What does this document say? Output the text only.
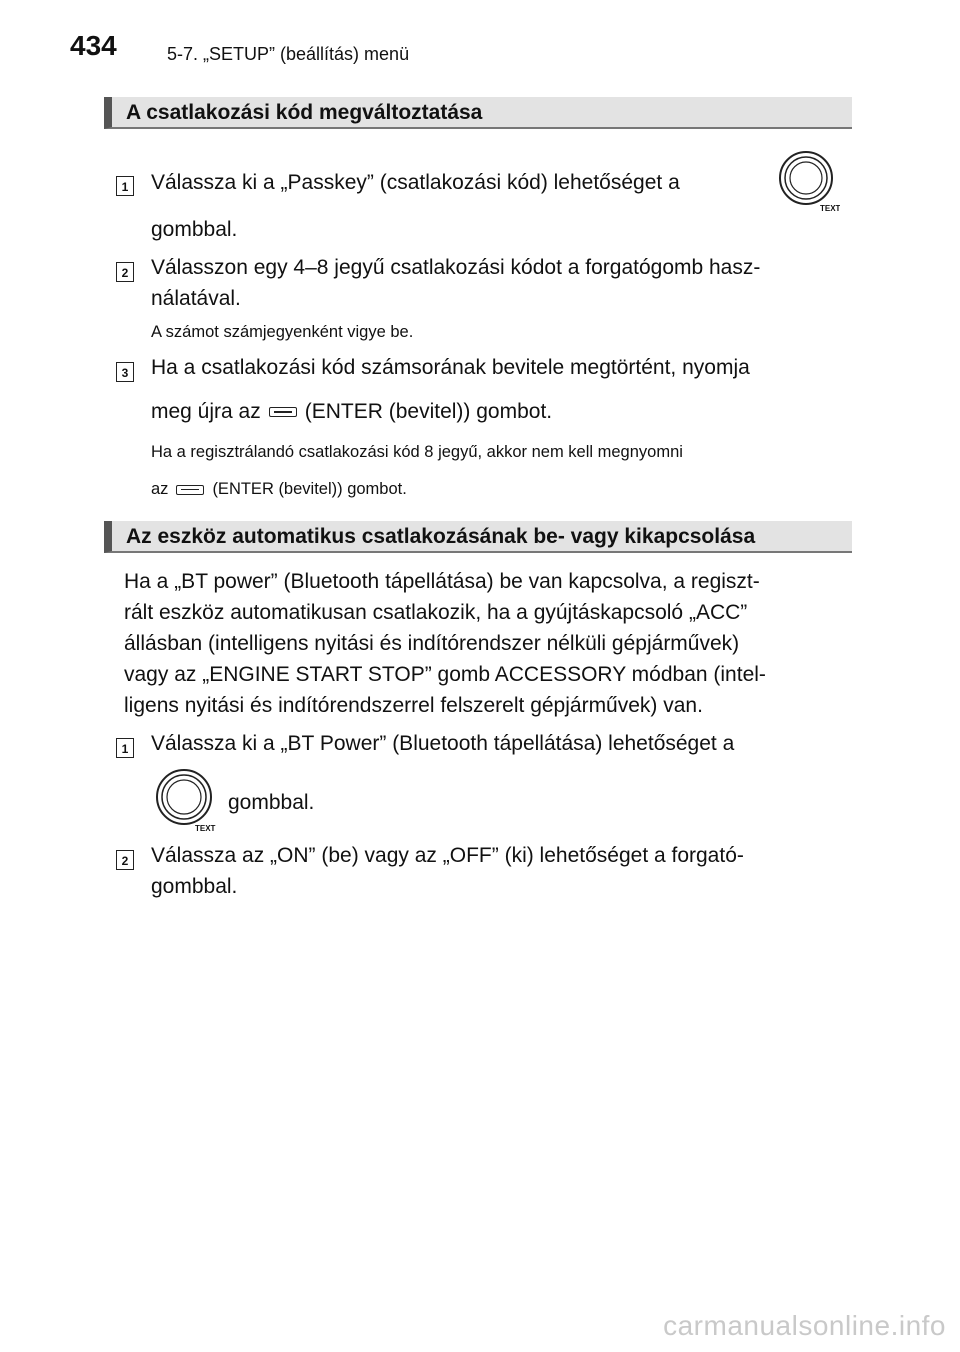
434	5-7. „SETUP” (beállítás) menü
A csatlakozási kód megváltoztatása
1 Válassza ki a „Passkey” (csatlakozási kód) lehetőséget a
TEXT
gombbal.
2 Válasszon egy 4–8 jegyű csatlakozási kódot a forgatógomb hasz-
nálatával.
A számot számjegyenként vigye be.
3 Ha a csatlakozási kód számsorának bevitele megtörtént, nyomja
meg újra az (ENTER (bevitel)) gombot.
Ha a regisztrálandó csatlakozási kód 8 jegyű, akkor nem kell megnyomni
az	(ENTER (bevitel)) gombot.
Az eszköz automatikus csatlakozásának be- vagy kikapcsolása
Ha a „BT power” (Bluetooth tápellátása) be van kapcsolva, a regiszt-
rált eszköz automatikusan csatlakozik, ha a gyújtáskapcsoló „ACC”
állásban (intelligens nyitási és indítórendszer nélküli gépjárművek)
vagy az „ENGINE START STOP” gomb ACCESSORY módban (intel-
ligens nyitási és indítórendszerrel felszerelt gépjárművek) van.
1 Válassza ki a „BT Power” (Bluetooth tápellátása) lehetőséget a
TEXT
gombbal.
2 Válassza az „ON” (be) vagy az „OFF” (ki) lehetőséget a forgató-
gombbal.
carmanualsonline.info
